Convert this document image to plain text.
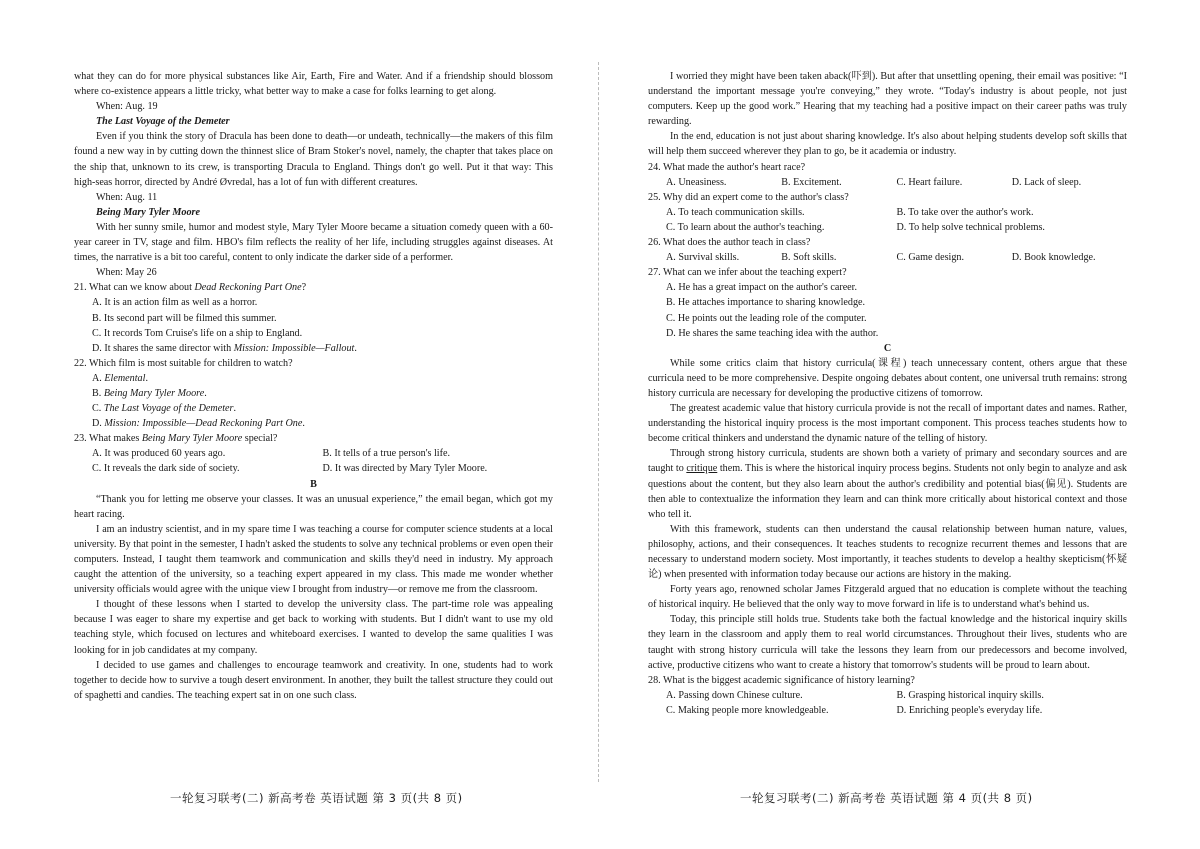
what they can do for more physical substances like Air, Earth, Fire and Water. And if a friendship should blossom where co-existence appears a little tricky, what better way to make a case for folks learning to get along.

When: Aug. 19

The Last Voyage of the Demeter

Even if you think the story of Dracula has been done to death—or undeath, technically—the makers of this film found a new way in by cutting down the thinnest slice of Bram Stoker's novel, namely, the chapter that takes place on the ship that, unknown to its crew, is transporting Dracula to England. Things don't go well. Put it that way: This high-seas horror, directed by André Øvredal, has a lot of fun with different creatures.

When: Aug. 11

Being Mary Tyler Moore

With her sunny smile, humor and modest style, Mary Tyler Moore became a situation comedy queen with a 60-year career in TV, stage and film. HBO's film reflects the reality of her life, including struggles against diseases. At times, the narrative is a bit too careful, content to only indicate the darker side of a performer.

When: May 26

21. What can we know about Dead Reckoning Part One?

A. It is an action film as well as a horror.

B. Its second part will be filmed this summer.

C. It records Tom Cruise's life on a ship to England.

D. It shares the same director with Mission: Impossible—Fallout.

22. Which film is most suitable for children to watch?

A. Elemental.

B. Being Mary Tyler Moore.

C. The Last Voyage of the Demeter.

D. Mission: Impossible—Dead Reckoning Part One.

23. What makes Being Mary Tyler Moore special?

A. It was produced 60 years ago.	B. It tells of a true person's life.
C. It reveals the dark side of society.	D. It was directed by Mary Tyler Moore.

B

“Thank you for letting me observe your classes. It was an unusual experience,” the email began, which got my heart racing.

I am an industry scientist, and in my spare time I was teaching a course for computer science students at a local university. By that point in the semester, I hadn't asked the students to solve any technical problems or even open their computers. Instead, I taught them teamwork and communication and skills they'd need in industry. My approach caught the attention of the university, so a teaching expert appeared in my class. This made me wonder whether university officials would agree with the unique view I brought from industry—or remove me from the classroom.

I thought of these lessons when I started to develop the university class. The part-time role was appealing because I was eager to share my expertise and get back to working with students. But I didn't want to use my old teaching style, which focused on lectures and whiteboard exercises. I wanted to develop the same qualities I was looking for in job candidates at my company.

I decided to use games and challenges to encourage teamwork and creativity. In one, students had to work together to decide how to survive a tough desert environment. In another, they built the tallest structure they could out of spaghetti and candies. The teaching expert sat in on one such class.

一轮复习联考(二) 新高考卷 英语试题 第 3 页(共 8 页)

I worried they might have been taken aback(吓到). But after that unsettling opening, their email was positive: “I understand the important message you're conveying,” they wrote. “Today's industry is about people, not just computers. Keep up the good work.” Hearing that my teaching had a positive impact on their career paths was truly rewarding.

In the end, education is not just about sharing knowledge. It's also about helping students develop soft skills that will help them succeed wherever they plan to go, be it academia or industry.

24. What made the author's heart race?

A. Uneasiness.	B. Excitement.	C. Heart failure.	D. Lack of sleep.

25. Why did an expert come to the author's class?

A. To teach communication skills.	B. To take over the author's work.
C. To learn about the author's teaching.	D. To help solve technical problems.

26. What does the author teach in class?

A. Survival skills.	B. Soft skills.	C. Game design.	D. Book knowledge.

27. What can we infer about the teaching expert?

A. He has a great impact on the author's career.

B. He attaches importance to sharing knowledge.

C. He points out the leading role of the computer.

D. He shares the same teaching idea with the author.

C

While some critics claim that history curricula(课程) teach unnecessary content, others argue that these curricula need to be more comprehensive. Despite ongoing debates about content, one universal truth remains: strong history curricula are necessary for developing the productive citizens of tomorrow.

The greatest academic value that history curricula provide is not the recall of important dates and names. Rather, understanding the historical inquiry process is the most important component. This process teaches students how to become critical thinkers and understand the dynamic nature of the telling of history.

Through strong history curricula, students are shown both a variety of primary and secondary sources and are taught to critique them. This is where the historical inquiry process begins. Students not only begin to analyze and ask questions about the content, but they also learn about the author's credibility and potential bias(偏见). Students are then able to contextualize the information they learn and can think more critically about historical context and those who tell it.

With this framework, students can then understand the causal relationship between human nature, values, philosophy, actions, and their consequences. It teaches students to recognize recurrent themes and lessons that are necessary to understand modern society. Most importantly, it teaches students to develop a healthy skepticism(怀疑论) when presented with information today because our actions are history in the making.

Forty years ago, renowned scholar James Fitzgerald argued that no education is complete without the teaching of historical inquiry. He believed that the only way to move forward in life is to understand what's behind us.

Today, this principle still holds true. Students take both the factual knowledge and the historical inquiry skills they learn in the classroom and apply them to real world circumstances. Throughout their lives, students who are taught with strong history curricula will take the lessons they learn from our predecessors and become involved, active, productive citizens who want to create a history that tomorrow's students will be proud to learn about.

28. What is the biggest academic significance of history learning?

A. Passing down Chinese culture.	B. Grasping historical inquiry skills.
C. Making people more knowledgeable.	D. Enriching people's everyday life.
一轮复习联考(二) 新高考卷 英语试题 第 4 页(共 8 页)
